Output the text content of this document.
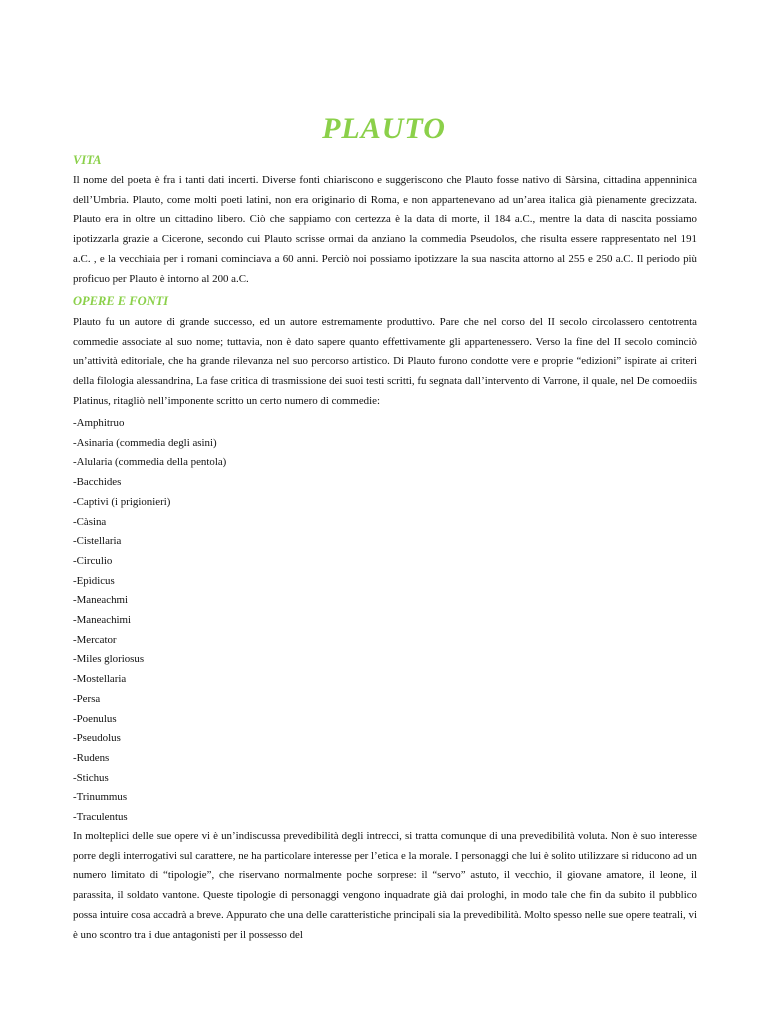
PLAUTO
VITA

Il nome del poeta è fra i tanti dati incerti. Diverse fonti chiariscono e suggeriscono che Plauto fosse nativo di Sàrsina, cittadina appenninica dell’Umbria. Plauto, come molti poeti latini, non era originario di Roma, e non appartenevano ad un’area italica già pienamente grecizzata. Plauto era in oltre un cittadino libero. Ciò che sappiamo con certezza è la data di morte, il 184 a.C., mentre la data di nascita possiamo ipotizzarla grazie a Cicerone, secondo cui Plauto scrisse ormai da anziano la commedia Pseudolos, che risulta essere rappresentato nel 191 a.C. , e la vecchiaia per i romani cominciava a 60 anni. Perciò noi possiamo ipotizzare la sua nascita attorno al 255 e 250 a.C. Il periodo più proficuo per Plauto è intorno al 200 a.C.

OPERE E FONTI

Plauto fu un autore di grande successo, ed un autore estremamente produttivo. Pare che nel corso del II secolo circolassero centotrenta commedie associate al suo nome; tuttavia, non è dato sapere quanto effettivamente gli appartenessero. Verso la fine del II secolo cominciò un’attività editoriale, che ha grande rilevanza nel suo percorso artistico. Di Plauto furono condotte vere e proprie “edizioni” ispirate ai criteri della filologia alessandrina, La fase critica di trasmissione dei suoi testi scritti, fu segnata dall’intervento di Varrone, il quale, nel De comoediis Platinus, ritagliò nell’imponente scritto un certo numero di commedie:

-Amphitruo
-Asinaria (commedia degli asini)
-Alularia (commedia della pentola)
-Bacchides
-Captivi (i prigionieri)
-Càsina
-Cistellaria
-Circulio
-Epìdicus
-Maneachmi
-Maneachimi
-Mercator
-Miles gloriosus
-Mostellaria
-Persa
-Poenulus
-Pseudolus
-Rudens
-Stichus
-Trinummus
-Traculentus

In molteplici delle sue opere vi è un’indiscussa prevedibilità degli intrecci, si tratta comunque di una prevedibilità voluta. Non è suo interesse porre degli interrogativi sul carattere, ne ha particolare interesse per l’etica e la morale. I personaggi che lui è solito utilizzare si riducono ad un numero limitato di “tipologie”, che riservano normalmente poche sorprese: il “servo” astuto, il vecchio, il giovane amatore, il leone, il parassita, il soldato vantone. Queste tipologie di personaggi vengono inquadrate già dai prologhi, in modo tale che fin da subito il pubblico possa intuire cosa accadrà a breve. Appurato che una delle caratteristiche principali sia la prevedibilità. Molto spesso nelle sue opere teatrali, vi è uno scontro tra i due antagonisti per il possesso del
